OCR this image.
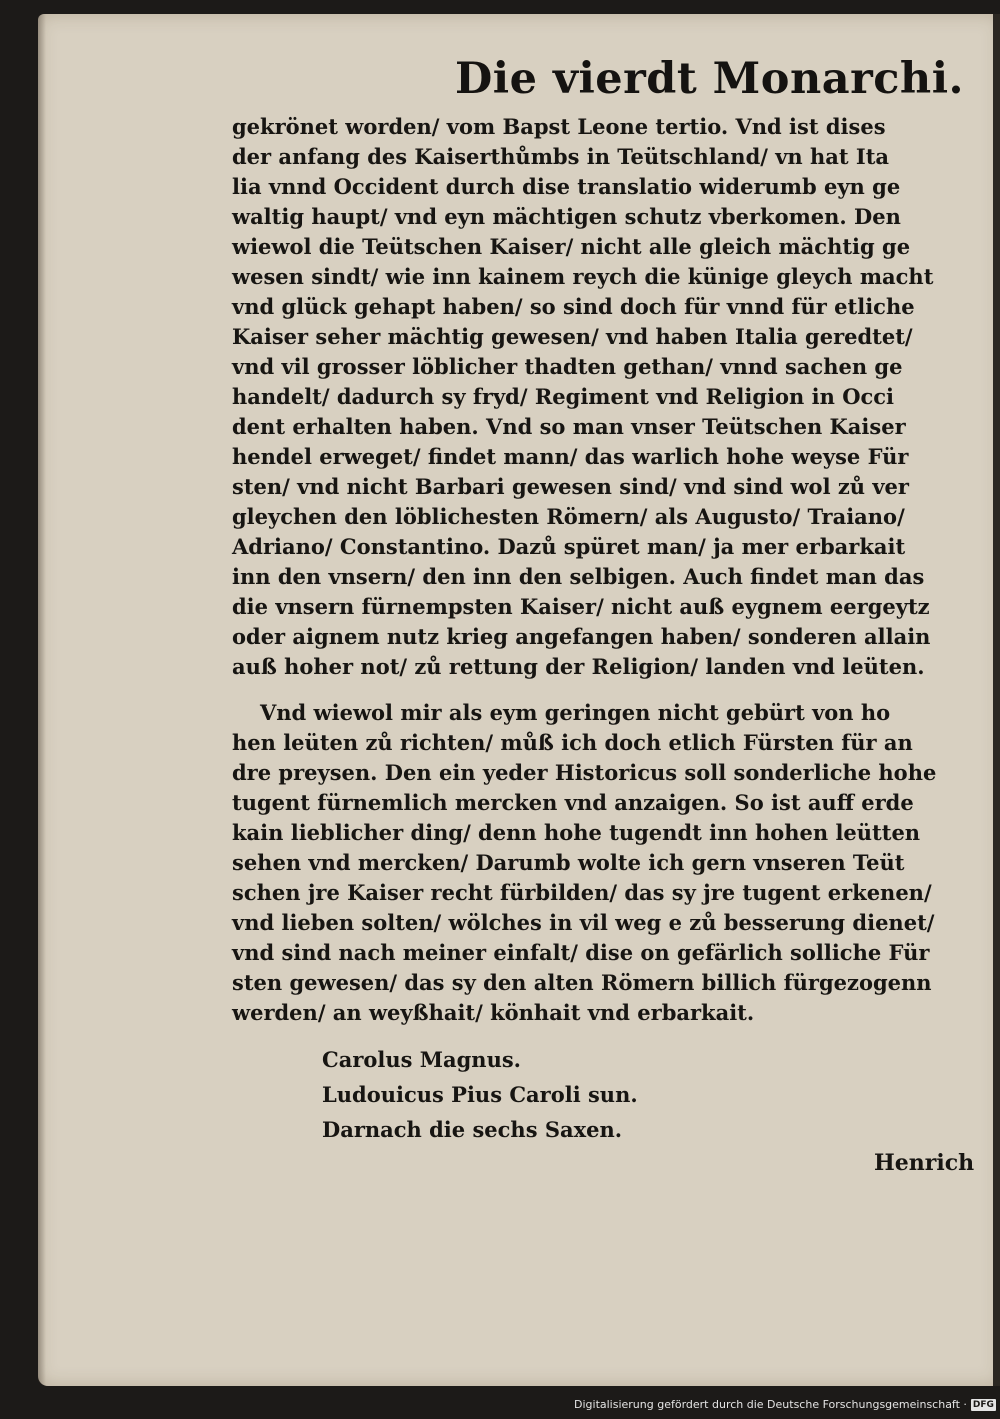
Die vierdt Monarchi.
gekrönet worden/ vom Bapst Leone tertio. Vnd ist dises
der anfang des Kaiserthůmbs in Teütschland/ vn hat Ita
lia vnnd Occident durch dise translatio widerumb eyn ge
waltig haupt/ vnd eyn mächtigen schutz vberkomen. Den
wiewol die Teütschen Kaiser/ nicht alle gleich mächtig ge
wesen sindt/ wie inn kainem reych die künige gleych macht
vnd glück gehapt haben/ so sind doch für vnnd für etliche
Kaiser seher mächtig gewesen/ vnd haben Italia geredtet/
vnd vil grosser löblicher thadten gethan/ vnnd sachen ge
handelt/ dadurch sy fryd/ Regiment vnd Religion in Occi
dent erhalten haben. Vnd so man vnser Teütschen Kaiser
hendel erweget/ findet mann/ das warlich hohe weyse Für
sten/ vnd nicht Barbari gewesen sind/ vnd sind wol zů ver
gleychen den löblichesten Römern/ als Augusto/ Traiano/
Adriano/ Constantino. Dazů spüret man/ ja mer erbarkait
inn den vnsern/ den inn den selbigen. Auch findet man das
die vnsern fürnempsten Kaiser/ nicht auß eygnem eergeytz
oder aignem nutz krieg angefangen haben/ sonderen allain
auß hoher not/ zů rettung der Religion/ landen vnd leüten.
Vnd wiewol mir als eym geringen nicht gebürt von ho
hen leüten zů richten/ můß ich doch etlich Fürsten für an
dre preysen. Den ein yeder Historicus soll sonderliche hohe
tugent fürnemlich mercken vnd anzaigen. So ist auff erde
kain lieblicher ding/ denn hohe tugendt inn hohen leütten
sehen vnd mercken/ Darumb wolte ich gern vnseren Teüt
schen jre Kaiser recht fürbilden/ das sy jre tugent erkenen/
vnd lieben solten/ wölches in vil weg e zů besserung dienet/
vnd sind nach meiner einfalt/ dise on gefärlich solliche Für
sten gewesen/ das sy den alten Römern billich fürgezogenn
werden/ an weyßhait/ könhait vnd erbarkait.
Carolus Magnus.
Ludouicus Pius Caroli sun.
Darnach die sechs Saxen.
Henrich
Digitalisierung gefördert durch die Deutsche Forschungsgemeinschaft · DFG
